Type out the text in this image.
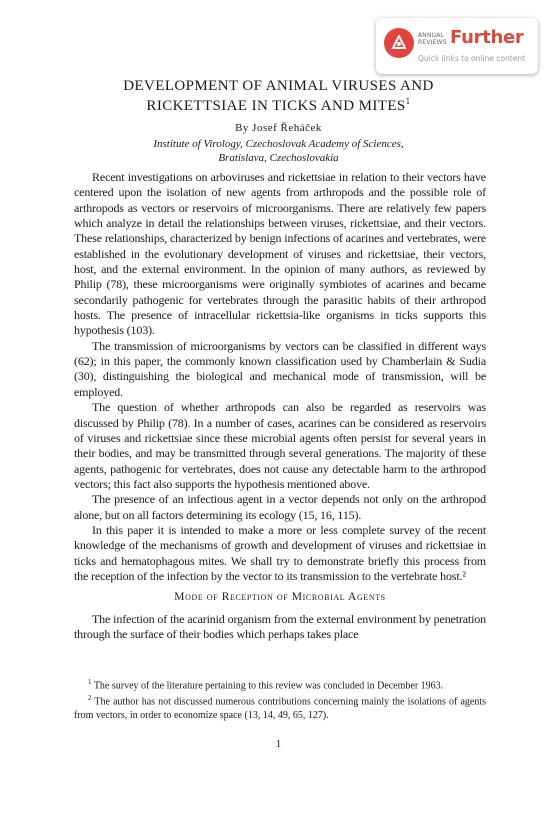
ANNUAL
REVIEWS Further
Quick links to online content
DEVELOPMENT OF ANIMAL VIRUSES AND
RICKETTSIAE IN TICKS AND MITES$^1$
By Josef Řeháček
Institute of Virology, Czechoslovak Academy of Sciences,
Bratislava, Czechoslovakia

Recent investigations on arboviruses and rickettsiae in relation to their vectors have centered upon the isolation of new agents from arthropods and the possible role of arthropods as vectors or reservoirs of microorganisms. There are relatively few papers which analyze in detail the relationships between viruses, rickettsiae, and their vectors. These relationships, characterized by benign infections of acarines and vertebrates, were established in the evolutionary development of viruses and rickettsiae, their vectors, host, and the external environment. In the opinion of many authors, as reviewed by Philip (78), these microorganisms were originally symbiotes of acarines and became secondarily pathogenic for vertebrates through the parasitic habits of their arthropod hosts. The presence of intracellular rickettsia-like organisms in ticks supports this hypothesis (103).

The transmission of microorganisms by vectors can be classified in different ways (62); in this paper, the commonly known classification used by Chamberlain & Sudia (30), distinguishing the biological and mechanical mode of transmission, will be employed.

The question of whether arthropods can also be regarded as reservoirs was discussed by Philip (78). In a number of cases, acarines can be considered as reservoirs of viruses and rickettsiae since these microbial agents often persist for several years in their bodies, and may be transmitted through several generations. The majority of these agents, pathogenic for vertebrates, does not cause any detectable harm to the arthropod vectors; this fact also supports the hypothesis mentioned above.

The presence of an infectious agent in a vector depends not only on the arthropod alone, but on all factors determining its ecology (15, 16, 115).

In this paper it is intended to make a more or less complete survey of the recent knowledge of the mechanisms of growth and development of viruses and rickettsiae in ticks and hematophagous mites. We shall try to demonstrate briefly this process from the reception of the infection by the vector to its transmission to the vertebrate host.²

Mode of Reception of Microbial Agents

The infection of the acarinid organism from the external environment by penetration through the surface of their bodies which perhaps takes place

$^1$ The survey of the literature pertaining to this review was concluded in December 1963.

$^2$ The author has not discussed numerous contributions concerning mainly the isolations of agents from vectors, in order to economize space (13, 14, 49, 65, 127).

1
